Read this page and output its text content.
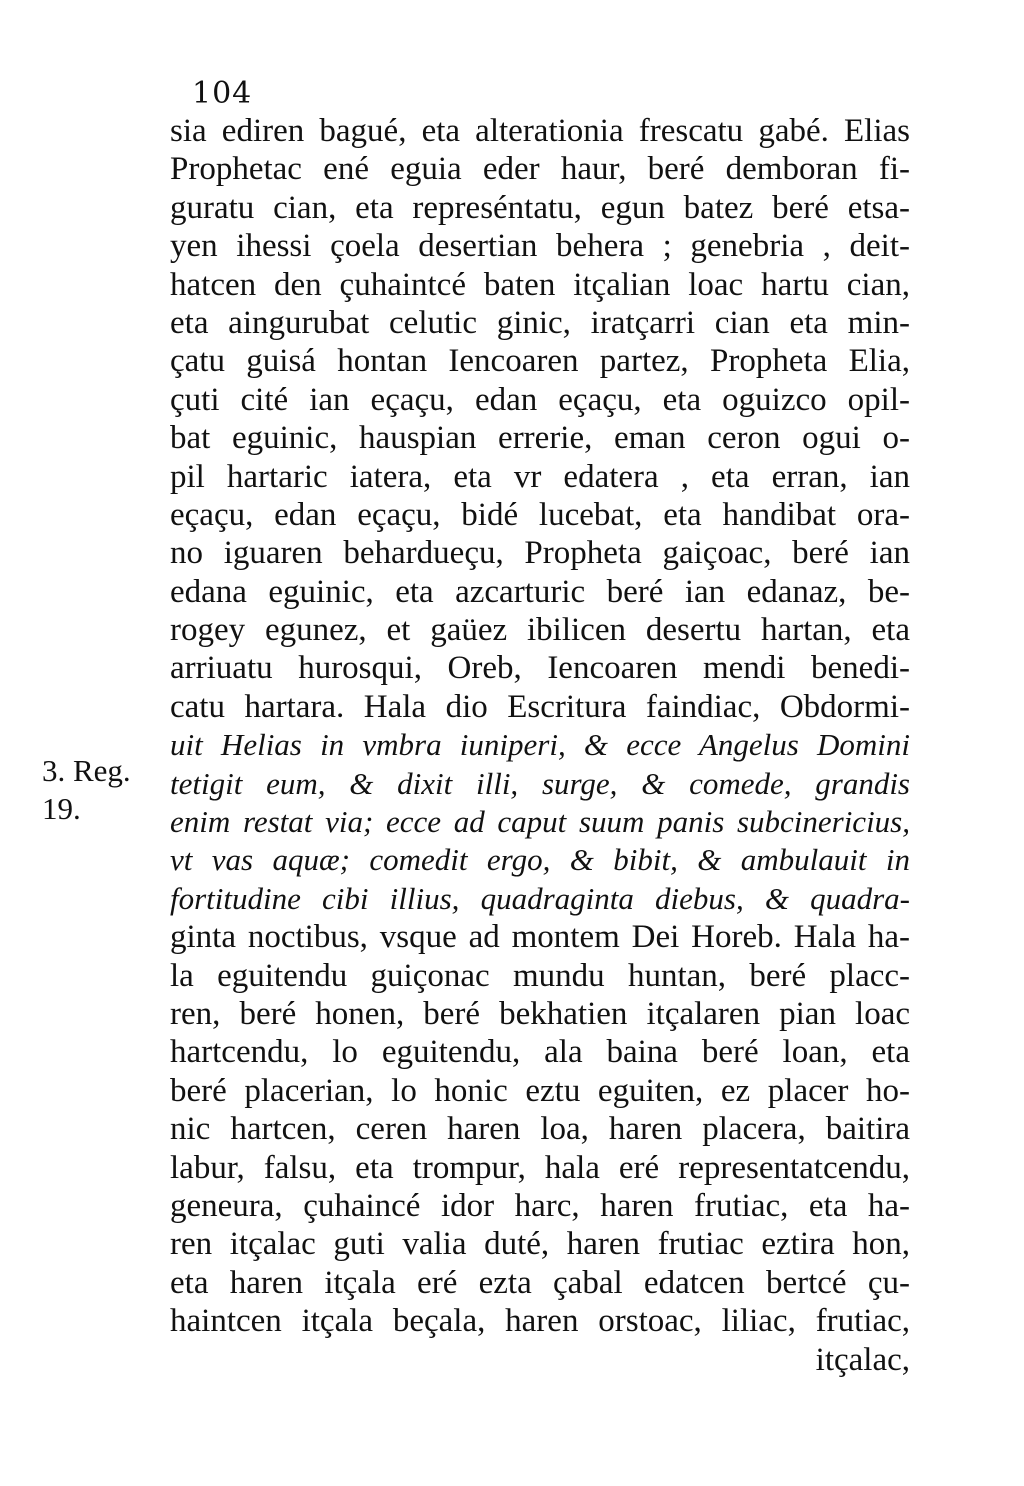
104
3. Reg.
19.
sia ediren bagué, eta alterationia frescatu gabé. Elias
Prophetac ené eguia eder haur, beré demboran fi-
guratu cian, eta represéntatu, egun batez beré etsa-
yen ihessi çoela desertian behera ; genebria , deit-
hatcen den çuhaintcé baten itçalian loac hartu cian,
eta aingurubat celutic ginic, iratçarri cian eta min-
çatu guisá hontan Iencoaren partez, Propheta Elia,
çuti cité ian eçaçu, edan eçaçu, eta oguizco opil-
bat eguinic, hauspian errerie, eman ceron ogui o-
pil hartaric iatera, eta vr edatera , eta erran, ian
eçaçu, edan eçaçu, bidé lucebat, eta handibat ora-
no iguaren behardueçu, Propheta gaiçoac, beré ian
edana eguinic, eta azcarturic beré ian edanaz, be-
rogey egunez, et gaüez ibilicen desertu hartan, eta
arriuatu hurosqui, Oreb, Iencoaren mendi benedi-
catu hartara. Hala dio Escritura faindiac, Obdormi-
uit Helias in vmbra iuniperi, & ecce Angelus Domini
tetigit eum, & dixit illi, surge, & comede, grandis
enim restat via; ecce ad caput suum panis subcinericius,
vt vas aquæ; comedit ergo, & bibit, & ambulauit in
fortitudine cibi illius, quadraginta diebus, & quadra-
ginta noctibus, vsque ad montem Dei Horeb. Hala ha-
la eguitendu guiçonac mundu huntan, beré placc-
ren, beré honen, beré bekhatien itçalaren pian loac
hartcendu, lo eguitendu, ala baina beré loan, eta
beré placerian, lo honic eztu eguiten, ez placer ho-
nic hartcen, ceren haren loa, haren placera, baitira
labur, falsu, eta trompur, hala eré representatcendu,
geneura, çuhaincé idor harc, haren frutiac, eta ha-
ren itçalac guti valia duté, haren frutiac eztira hon,
eta haren itçala eré ezta çabal edatcen bertcé çu-
haintcen itçala beçala, haren orstoac, liliac, frutiac,
itçalac,
